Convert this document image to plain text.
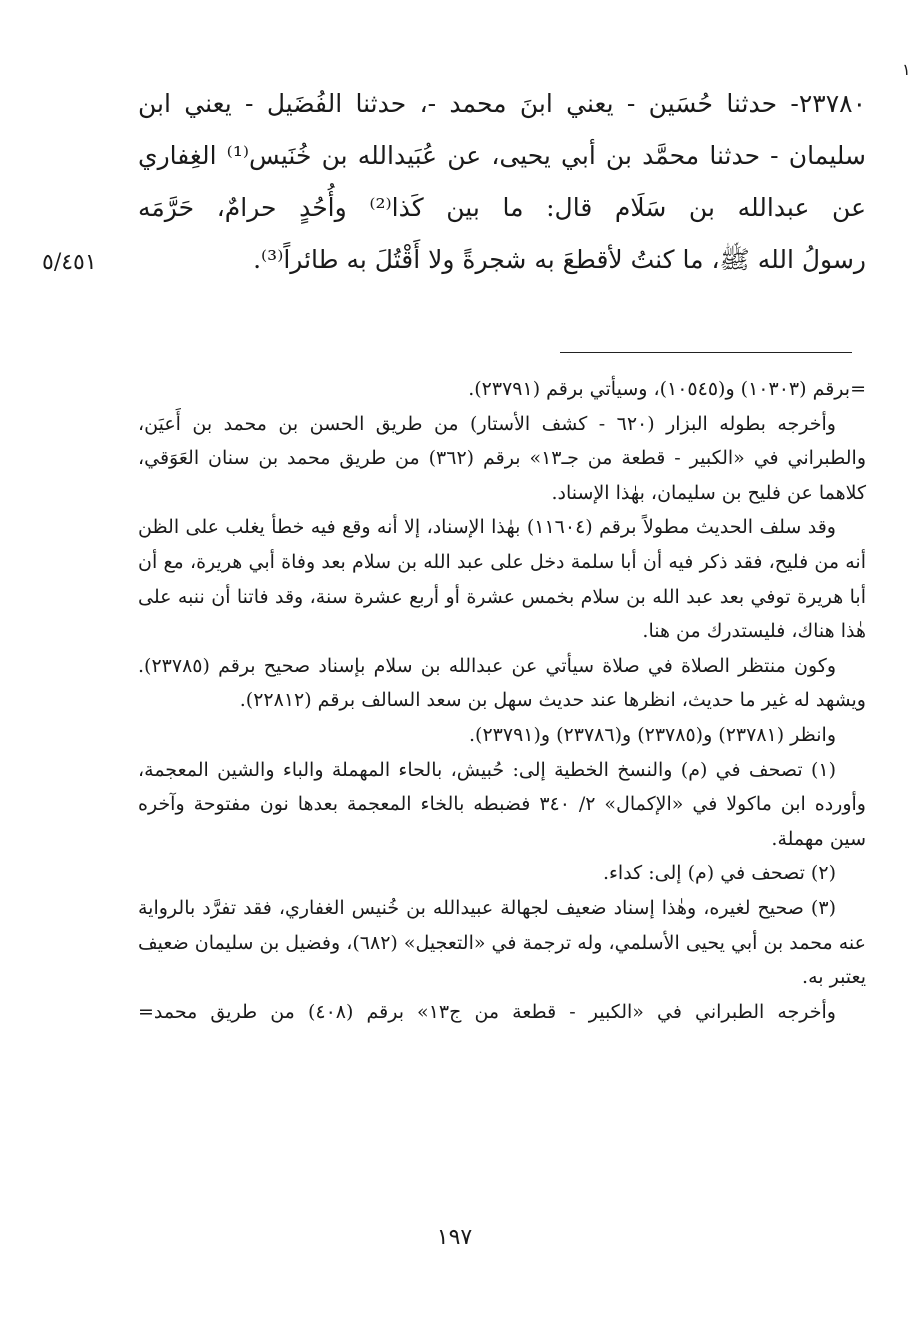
١

٢٣٧٨٠- حدثنا حُسَين - يعني ابنَ محمد -، حدثنا الفُضَيل - يعني ابن

سليمان - حدثنا محمَّد بن أبي يحيى، عن عُبَيدالله بن خُنَيس⁽¹⁾ الغِفاري

عن عبدالله بن سَلَام قال: ما بين كَذا⁽²⁾ وأُحُدٍ حرامٌ، حَرَّمَه

رسولُ الله ﷺ، ما كنتُ لأقطعَ به شجرةً ولا أَقْتُلَ به طائراً⁽³⁾.

٥/٤٥١

=برقم (١٠٣٠٣) و(١٠٥٤٥)، وسيأتي برقم (٢٣٧٩١).

وأخرجه بطوله البزار (٦٢٠ - كشف الأستار) من طريق الحسن بن محمد بن أَعيَن، والطبراني في «الكبير - قطعة من جـ١٣» برقم (٣٦٢) من طريق محمد بن سنان العَوَقي، كلاهما عن فليح بن سليمان، بهٰذا الإسناد.

وقد سلف الحديث مطولاً برقم (١١٦٠٤) بهٰذا الإسناد، إلا أنه وقع فيه خطأ يغلب على الظن أنه من فليح، فقد ذكر فيه أن أبا سلمة دخل على عبد الله بن سلام بعد وفاة أبي هريرة، مع أن أبا هريرة توفي بعد عبد الله بن سلام بخمس عشرة أو أربع عشرة سنة، وقد فاتنا أن ننبه على هٰذا هناك، فليستدرك من هنا.

وكون منتظر الصلاة في صلاة سيأتي عن عبدالله بن سلام بإسناد صحيح برقم (٢٣٧٨٥). ويشهد له غير ما حديث، انظرها عند حديث سهل بن سعد السالف برقم (٢٢٨١٢).

وانظر (٢٣٧٨١) و(٢٣٧٨٥) و(٢٣٧٨٦) و(٢٣٧٩١).

(١) تصحف في (م) والنسخ الخطية إلى: حُبيش، بالحاء المهملة والباء والشين المعجمة، وأورده ابن ماكولا في «الإكمال» ٢/ ٣٤٠ فضبطه بالخاء المعجمة بعدها نون مفتوحة وآخره سين مهملة.

(٢) تصحف في (م) إلى: كداء.

(٣) صحيح لغيره، وهٰذا إسناد ضعيف لجهالة عبيدالله بن خُنيس الغفاري، فقد تفرَّد بالرواية عنه محمد بن أبي يحيى الأسلمي، وله ترجمة في «التعجيل» (٦٨٢)، وفضيل بن سليمان ضعيف يعتبر به.

وأخرجه الطبراني في «الكبير - قطعة من ج١٣» برقم (٤٠٨) من طريق محمد=

١٩٧
